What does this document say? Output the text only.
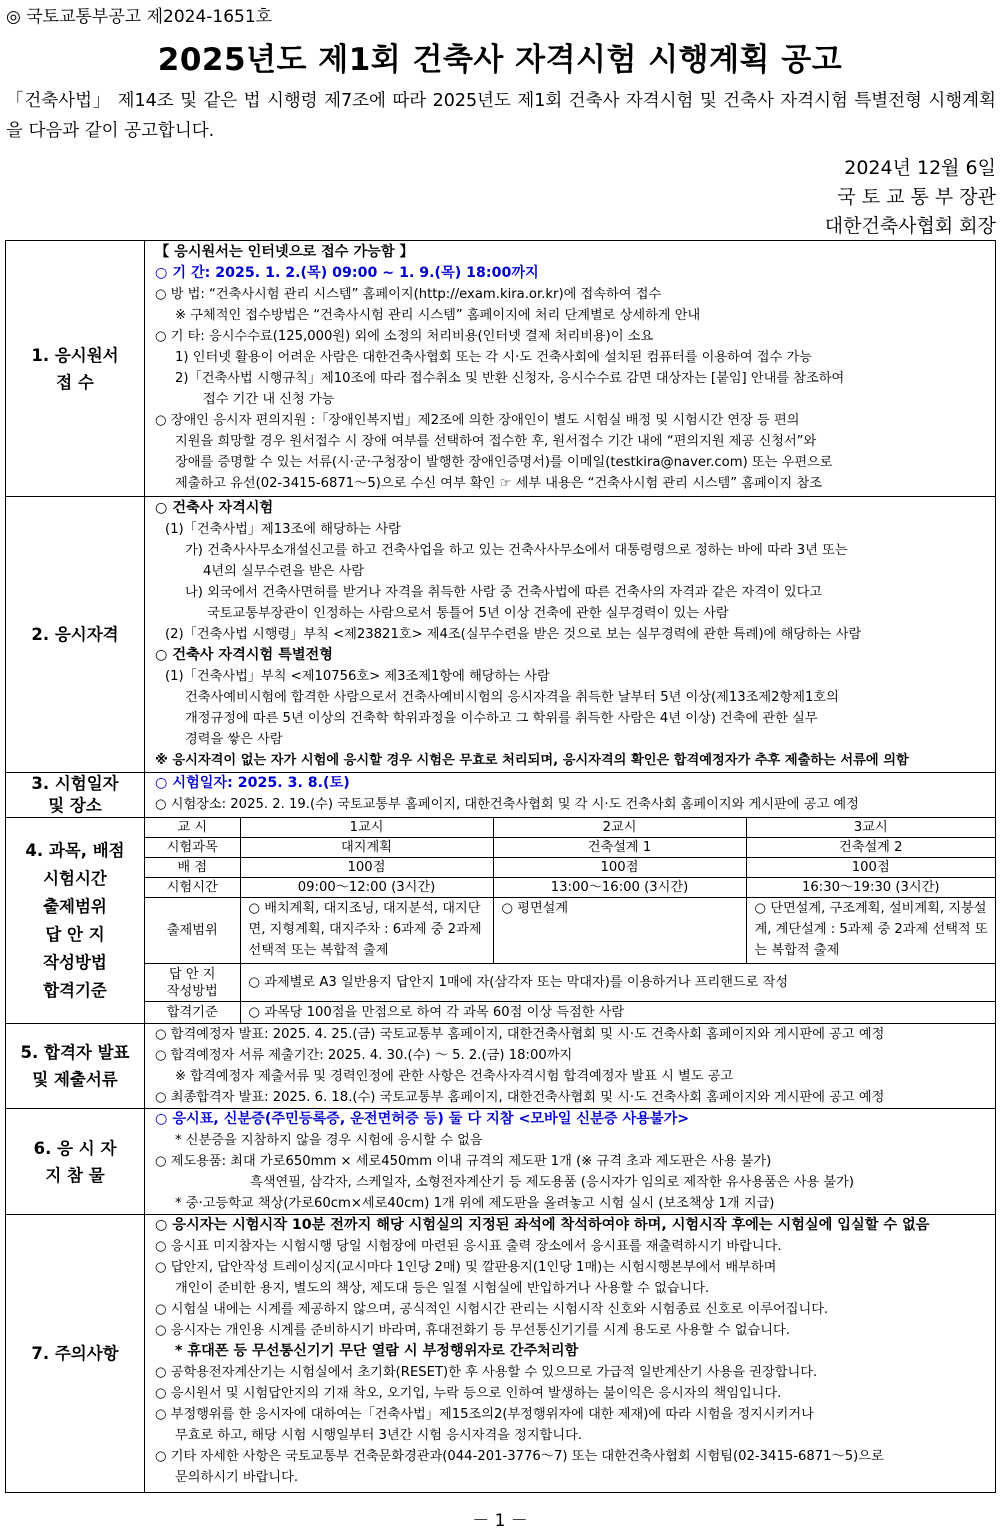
◎ 국토교통부공고 제2024-1651호
2025년도 제1회 건축사 자격시험 시행계획 공고
「건축사법」 제14조 및 같은 법 시행령 제7조에 따라 2025년도 제1회 건축사 자격시험 및 건축사 자격시험 특별전형 시행계획을 다음과 같이 공고합니다.
2024년 12월 6일
국 토 교 통 부 장관
대한건축사협회 회장
1. 응시원서
접 수	
【 응시원서는 인터넷으로 접수 가능함 】
○ 기 간: 2025. 1. 2.(목) 09:00 ~ 1. 9.(목) 18:00까지
○ 방 법: “건축사시험 관리 시스템” 홈페이지(http://exam.kira.or.kr)에 접속하여 접수
※ 구체적인 접수방법은 “건축사시험 관리 시스템” 홈페이지에 처리 단계별로 상세하게 안내
○ 기 타: 응시수수료(125,000원) 외에 소정의 처리비용(인터넷 결제 처리비용)이 소요
1) 인터넷 활용이 어려운 사람은 대한건축사협회 또는 각 시·도 건축사회에 설치된 컴퓨터를 이용하여 접수 가능
2)「건축사법 시행규칙」제10조에 따라 접수취소 및 반환 신청자, 응시수수료 감면 대상자는 [붙임] 안내를 참조하여
접수 기간 내 신청 가능
○ 장애인 응시자 편의지원 :「장애인복지법」제2조에 의한 장애인이 별도 시험실 배정 및 시험시간 연장 등 편의
지원을 희망할 경우 원서접수 시 장애 여부를 선택하여 접수한 후, 원서접수 기간 내에 “편의지원 제공 신청서”와
장애를 증명할 수 있는 서류(시·군·구청장이 발행한 장애인증명서)를 이메일(testkira@naver.com) 또는 우편으로
제출하고 유선(02-3415-6871～5)으로 수신 여부 확인 ☞ 세부 내용은 “건축사시험 관리 시스템” 홈페이지 참조

2. 응시자격	
○ 건축사 자격시험
(1)「건축사법」제13조에 해당하는 사람
가) 건축사사무소개설신고를 하고 건축사업을 하고 있는 건축사사무소에서 대통령령으로 정하는 바에 따라 3년 또는
4년의 실무수련을 받은 사람
나) 외국에서 건축사면허를 받거나 자격을 취득한 사람 중 건축사법에 따른 건축사의 자격과 같은 자격이 있다고
국토교통부장관이 인정하는 사람으로서 통틀어 5년 이상 건축에 관한 실무경력이 있는 사람
(2)「건축사법 시행령」부칙 <제23821호> 제4조(실무수련을 받은 것으로 보는 실무경력에 관한 특례)에 해당하는 사람
○ 건축사 자격시험 특별전형
(1)「건축사법」부칙 <제10756호> 제3조제1항에 해당하는 사람
건축사예비시험에 합격한 사람으로서 건축사예비시험의 응시자격을 취득한 날부터 5년 이상(제13조제2항제1호의
개정규정에 따른 5년 이상의 건축학 학위과정을 이수하고 그 학위를 취득한 사람은 4년 이상) 건축에 관한 실무
경력을 쌓은 사람
※ 응시자격이 없는 자가 시험에 응시할 경우 시험은 무효로 처리되며, 응시자격의 확인은 합격예정자가 추후 제출하는 서류에 의함

3. 시험일자
및 장소	
○ 시험일자: 2025. 3. 8.(토)
○ 시험장소: 2025. 2. 19.(수) 국토교통부 홈페이지, 대한건축사협회 및 각 시·도 건축사회 홈페이지와 게시판에 공고 예정

4. 과목, 배점
시험시간
출제범위
답 안 지
작성방법
합격기준	
교 시	1교시	2교시	3교시
시험과목	대지계획	건축설계 1	건축설계 2
배 점	100점	100점	100점
시험시간	09:00～12:00 (3시간)	13:00～16:00 (3시간)	16:30～19:30 (3시간)
출제범위	○ 배치계획, 대지조닝, 대지분석, 대지단면, 지형계획, 대지주차 : 6과제 중 2과제 선택적 또는 복합적 출제	○ 평면설계	○ 단면설계, 구조계획, 설비계획, 지붕설계, 계단설계 : 5과제 중 2과제 선택적 또는 복합적 출제
답 안 지
작성방법	○ 과제별로 A3 일반용지 답안지 1매에 자(삼각자 또는 막대자)를 이용하거나 프리핸드로 작성
합격기준	○ 과목당 100점을 만점으로 하여 각 과목 60점 이상 득점한 사람

5. 합격자 발표
및 제출서류	
○ 합격예정자 발표: 2025. 4. 25.(금) 국토교통부 홈페이지, 대한건축사협회 및 시·도 건축사회 홈페이지와 게시판에 공고 예정
○ 합격예정자 서류 제출기간: 2025. 4. 30.(수) ～ 5. 2.(금) 18:00까지
※ 합격예정자 제출서류 및 경력인정에 관한 사항은 건축사자격시험 합격예정자 발표 시 별도 공고
○ 최종합격자 발표: 2025. 6. 18.(수) 국토교통부 홈페이지, 대한건축사협회 및 시·도 건축사회 홈페이지와 게시판에 공고 예정

6. 응 시 자
지 참 물	
○ 응시표, 신분증(주민등록증, 운전면허증 등) 둘 다 지참 <모바일 신분증 사용불가>
* 신분증을 지참하지 않을 경우 시험에 응시할 수 없음
○ 제도용품: 최대 가로650mm × 세로450mm 이내 규격의 제도판 1개 (※ 규격 초과 제도판은 사용 불가)
흑색연필, 삼각자, 스케일자, 소형전자계산기 등 제도용품 (응시자가 임의로 제작한 유사용품은 사용 불가)
* 중·고등학교 책상(가로60cm×세로40cm) 1개 위에 제도판을 올려놓고 시험 실시 (보조책상 1개 지급)

7. 주의사항	
○ 응시자는 시험시작 10분 전까지 해당 시험실의 지정된 좌석에 착석하여야 하며, 시험시작 후에는 시험실에 입실할 수 없음
○ 응시표 미지참자는 시험시행 당일 시험장에 마련된 응시표 출력 장소에서 응시표를 재출력하시기 바랍니다.
○ 답안지, 답안작성 트레이싱지(교시마다 1인당 2매) 및 깔판용지(1인당 1매)는 시험시행본부에서 배부하며
개인이 준비한 용지, 별도의 책상, 제도대 등은 일절 시험실에 반입하거나 사용할 수 없습니다.
○ 시험실 내에는 시계를 제공하지 않으며, 공식적인 시험시간 관리는 시험시작 신호와 시험종료 신호로 이루어집니다.
○ 응시자는 개인용 시계를 준비하시기 바라며, 휴대전화기 등 무선통신기기를 시계 용도로 사용할 수 없습니다.
* 휴대폰 등 무선통신기기 무단 열람 시 부정행위자로 간주처리함
○ 공학용전자계산기는 시험실에서 초기화(RESET)한 후 사용할 수 있으므로 가급적 일반계산기 사용을 권장합니다.
○ 응시원서 및 시험답안지의 기재 착오, 오기입, 누락 등으로 인하여 발생하는 불이익은 응시자의 책임입니다.
○ 부정행위를 한 응시자에 대하여는「건축사법」제15조의2(부정행위자에 대한 제재)에 따라 시험을 정지시키거나
무효로 하고, 해당 시험 시행일부터 3년간 시험 응시자격을 정지합니다.
○ 기타 자세한 사항은 국토교통부 건축문화경관과(044-201-3776～7) 또는 대한건축사협회 시험팀(02-3415-6871～5)으로
문의하시기 바랍니다.
－ 1 －
